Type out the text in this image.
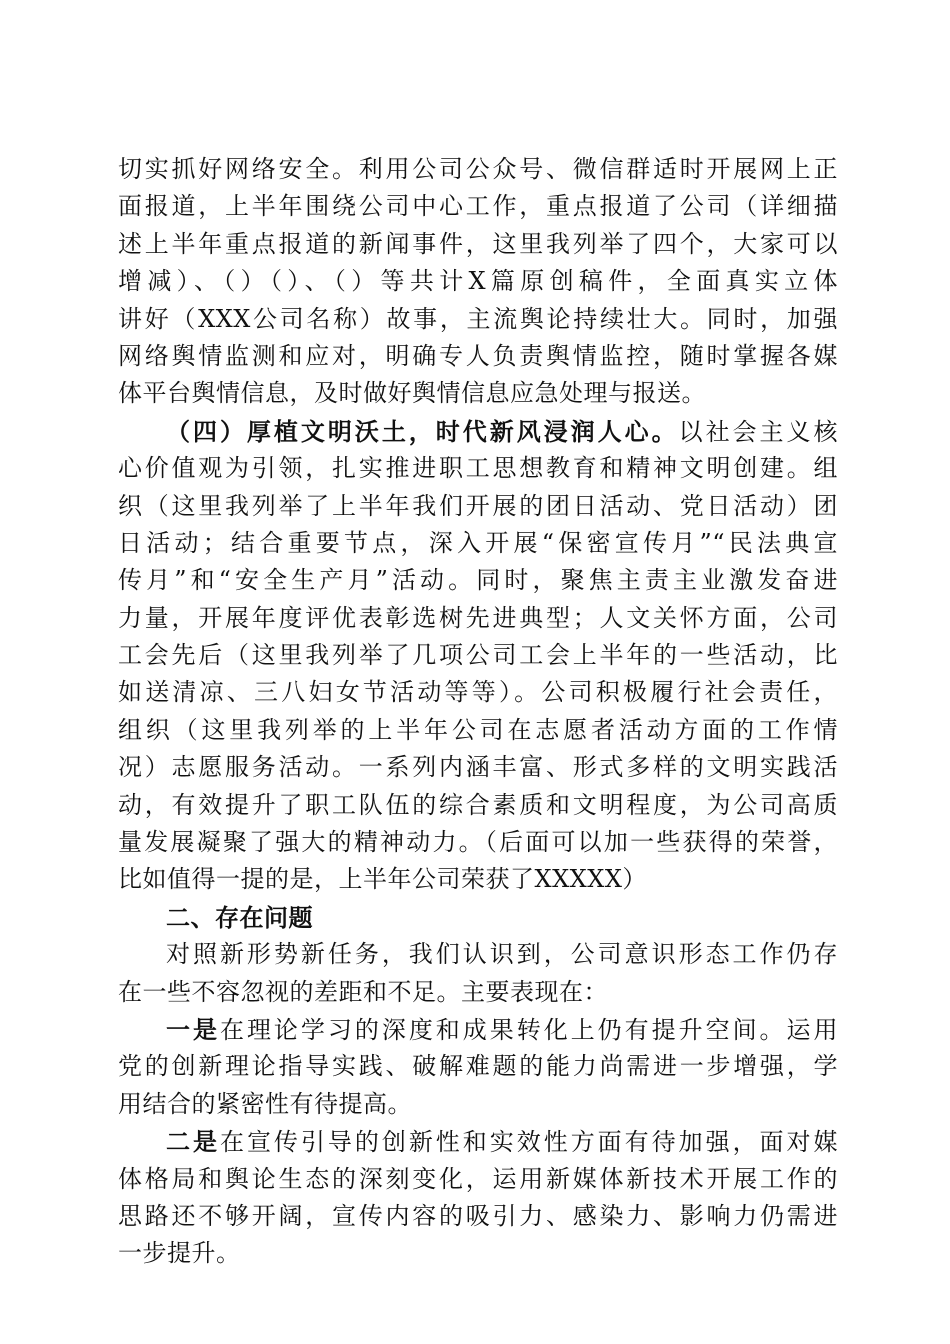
切实抓好网络安全。利用公司公众号、微信群适时开展网上正
面报道，上半年围绕公司中心工作，重点报道了公司（详细描
述上半年重点报道的新闻事件，这里我列举了四个，大家可以
增减）、（）（）、（）等共计X篇原创稿件，全面真实立体
讲好（XXX公司名称）故事，主流舆论持续壮大。同时，加强
网络舆情监测和应对，明确专人负责舆情监控，随时掌握各媒
体平台舆情信息，及时做好舆情信息应急处理与报送。
（四）厚植文明沃土，时代新风浸润人心。以社会主义核
心价值观为引领，扎实推进职工思想教育和精神文明创建。组
织（这里我列举了上半年我们开展的团日活动、党日活动）团
日活动；结合重要节点，深入开展“保密宣传月”“民法典宣
传月”和“安全生产月”活动。同时，聚焦主责主业激发奋进
力量，开展年度评优表彰选树先进典型；人文关怀方面，公司
工会先后（这里我列举了几项公司工会上半年的一些活动，比
如送清凉、三八妇女节活动等等）。公司积极履行社会责任，
组织（这里我列举的上半年公司在志愿者活动方面的工作情
况）志愿服务活动。一系列内涵丰富、形式多样的文明实践活
动，有效提升了职工队伍的综合素质和文明程度，为公司高质
量发展凝聚了强大的精神动力。（后面可以加一些获得的荣誉，
比如值得一提的是，上半年公司荣获了XXXXX）
二、存在问题
对照新形势新任务，我们认识到，公司意识形态工作仍存
在一些不容忽视的差距和不足。主要表现在：
一是在理论学习的深度和成果转化上仍有提升空间。运用
党的创新理论指导实践、破解难题的能力尚需进一步增强，学
用结合的紧密性有待提高。
二是在宣传引导的创新性和实效性方面有待加强，面对媒
体格局和舆论生态的深刻变化，运用新媒体新技术开展工作的
思路还不够开阔，宣传内容的吸引力、感染力、影响力仍需进
一步提升。
